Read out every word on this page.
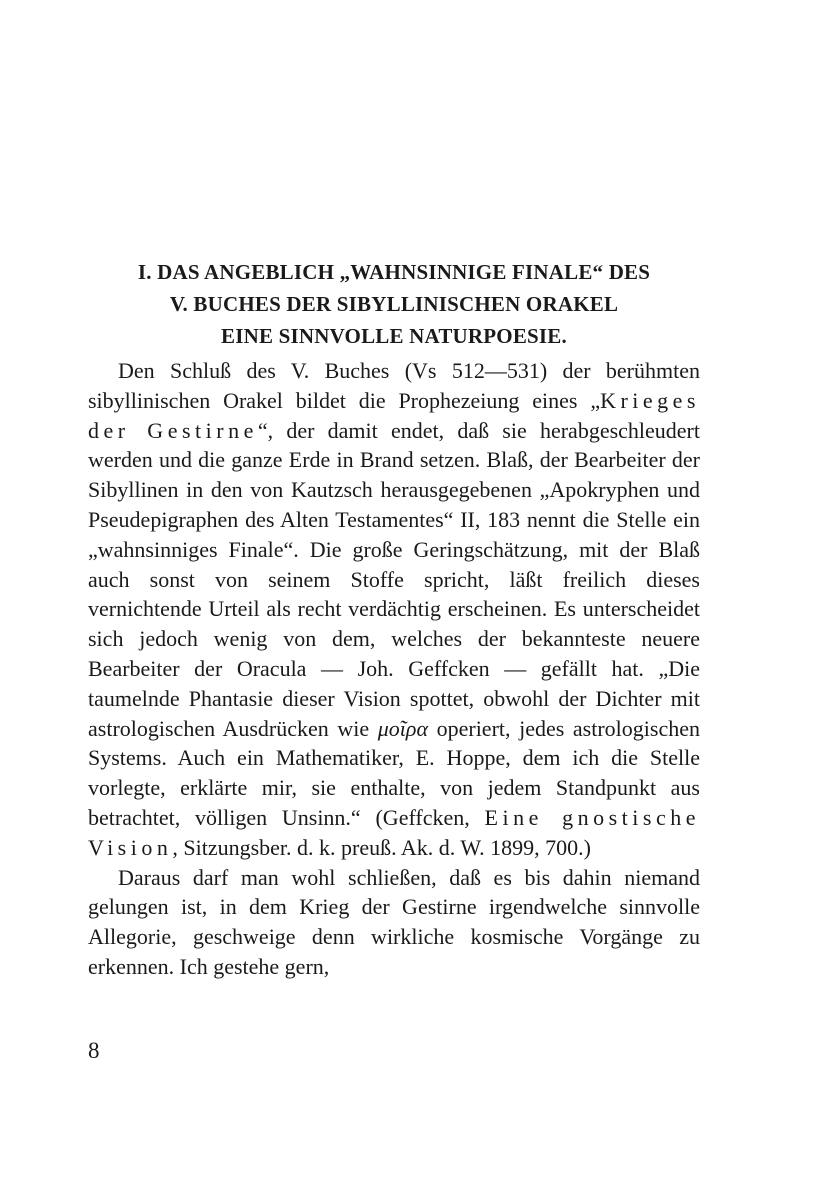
I. DAS ANGEBLICH „WAHNSINNIGE FINALE“ DES
V. BUCHES DER SIBYLLINISCHEN ORAKEL
EINE SINNVOLLE NATURPOESIE.

Den Schluß des V. Buches (Vs 512—531) der berühmten sibyllinischen Orakel bildet die Prophezeiung eines „Krieges der Gestirne“, der damit endet, daß sie herabgeschleudert werden und die ganze Erde in Brand setzen. Blaß, der Bearbeiter der Sibyllinen in den von Kautzsch herausgegebenen „Apokryphen und Pseudepigraphen des Alten Testamentes“ II, 183 nennt die Stelle ein „wahnsinniges Finale“. Die große Geringschätzung, mit der Blaß auch sonst von seinem Stoffe spricht, läßt freilich dieses vernichtende Urteil als recht verdächtig erscheinen. Es unterscheidet sich jedoch wenig von dem, welches der bekannteste neuere Bearbeiter der Oracula — Joh. Geffcken — gefällt hat. „Die taumelnde Phantasie dieser Vision spottet, obwohl der Dichter mit astrologischen Ausdrücken wie μοῖρα operiert, jedes astrologischen Systems. Auch ein Mathematiker, E. Hoppe, dem ich die Stelle vorlegte, erklärte mir, sie enthalte, von jedem Standpunkt aus betrachtet, völligen Unsinn.“ (Geffcken, Eine gnostische Vision, Sitzungsber. d. k. preuß. Ak. d. W. 1899, 700.)

Daraus darf man wohl schließen, daß es bis dahin niemand gelungen ist, in dem Krieg der Gestirne irgendwelche sinnvolle Allegorie, geschweige denn wirkliche kosmische Vorgänge zu erkennen. Ich gestehe gern,

8
